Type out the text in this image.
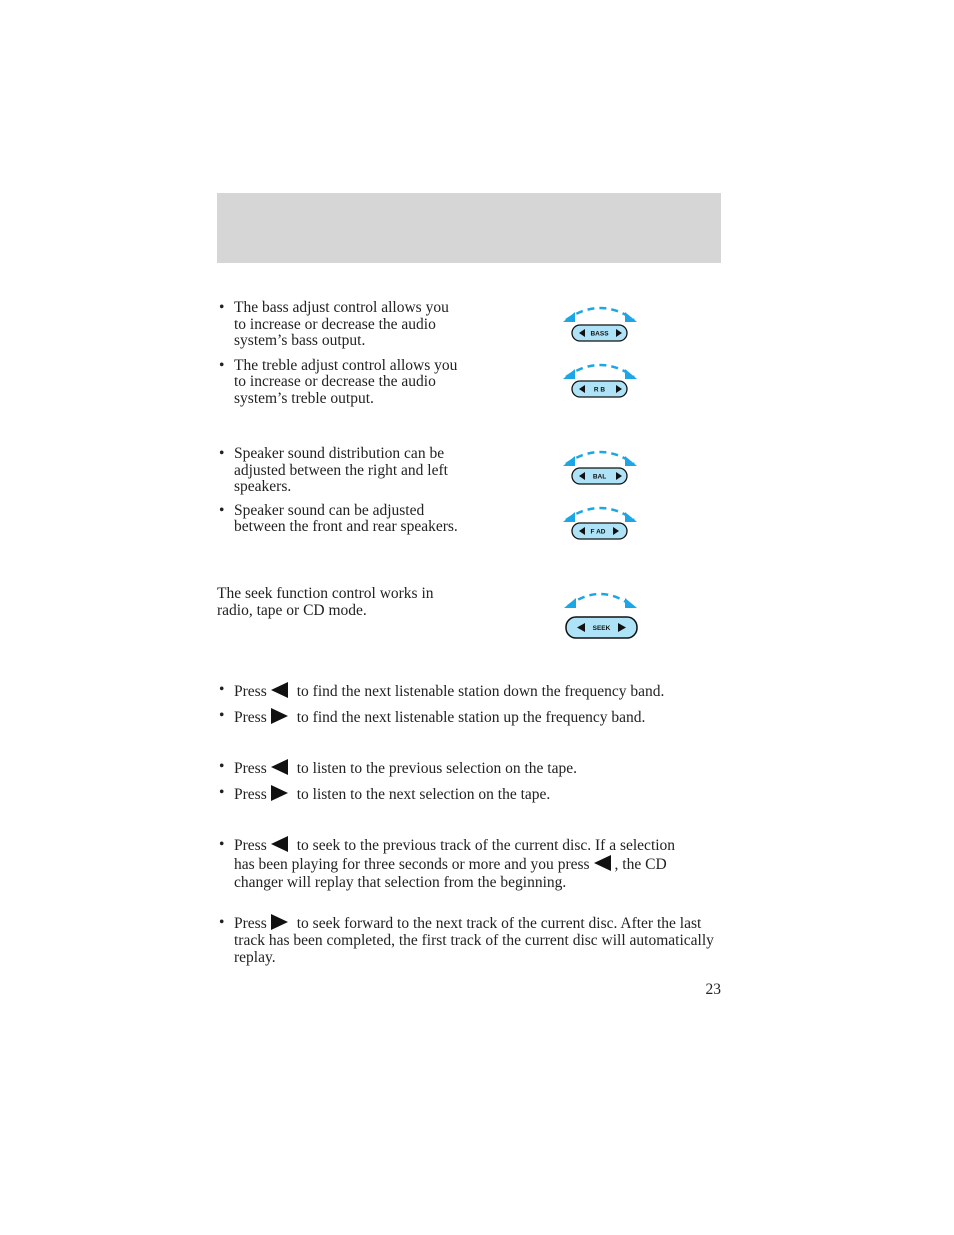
• The bass adjust control allows you to increase or decrease the audio system’s bass output.
• The treble adjust control allows you to increase or decrease the audio system’s treble output.
• Speaker sound distribution can be adjusted between the right and left speakers.
• Speaker sound can be adjusted between the front and rear speakers.
The seek function control works in radio, tape or CD mode.
BASS
R B
BAL
F AD
SEEK
• Press to find the next listenable station down the frequency band.
• Press to find the next listenable station up the frequency band.
• Press to listen to the previous selection on the tape.
• Press to listen to the next selection on the tape.
• Press to seek to the previous track of the current disc. If a selection has been playing for three seconds or more and you press , the CD changer will replay that selection from the beginning.
• Press to seek forward to the next track of the current disc. After the last track has been completed, the first track of the current disc will automatically replay.
23
